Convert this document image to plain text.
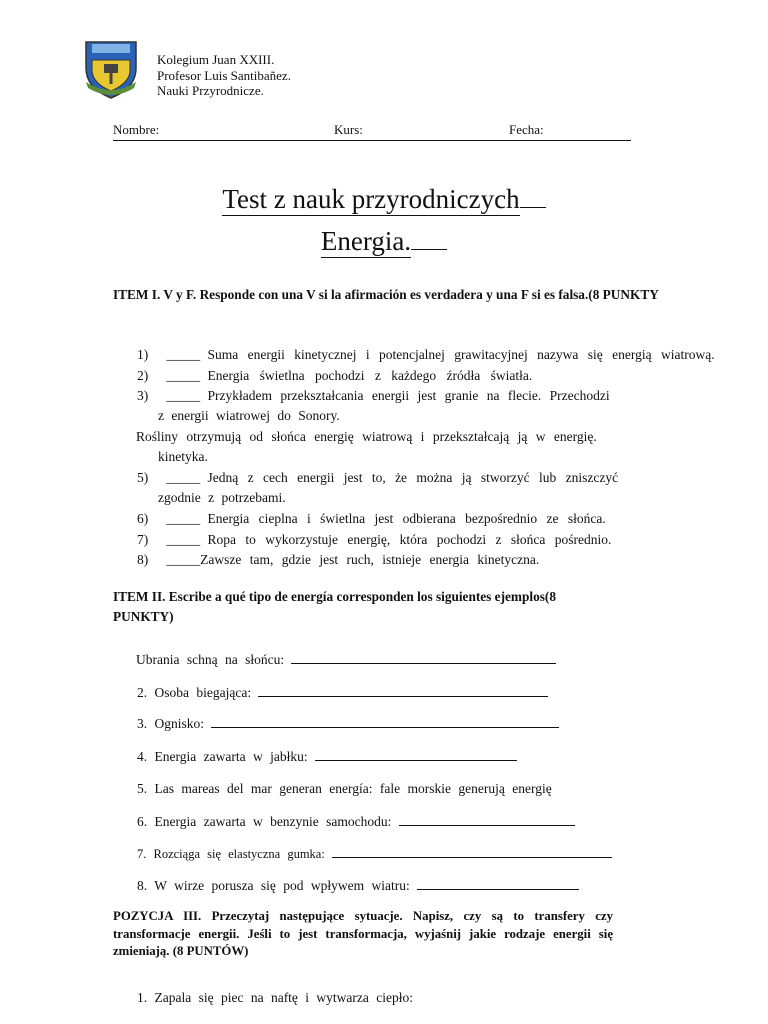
Kolegium Juan XXIII.
Profesor Luis Santibañez.
Nauki Przyrodnicze.
Nombre:	Kurs:	Fecha:
Test z nauk przyrodniczych
Energia.
ITEM I. V y F. Responde con una V si la afirmación es verdadera y una F si es falsa.(8 PUNKTY
1) _____ Suma energii kinetycznej i potencjalnej grawitacyjnej nazywa się energią wiatrową.
2) _____ Energia świetlna pochodzi z każdego źródła światła.
3) _____ Przykładem przekształcania energii jest granie na flecie. Przechodzi
z energii wiatrowej do Sonory.
Rośliny otrzymują od słońca energię wiatrową i przekształcają ją w energię.
kinetyka.
5) _____ Jedną z cech energii jest to, że można ją stworzyć lub zniszczyć
zgodnie z potrzebami.
6) _____ Energia cieplna i świetlna jest odbierana bezpośrednio ze słońca.
7) _____ Ropa to wykorzystuje energię, która pochodzi z słońca pośrednio.
8) _____Zawsze tam, gdzie jest ruch, istnieje energia kinetyczna.
ITEM II. Escribe a qué tipo de energía corresponden los siguientes ejemplos(8 PUNKTY)
Ubrania schną na słońcu:
2. Osoba biegająca:
3. Ognisko:
4. Energia zawarta w jabłku:
5. Las mareas del mar generan energía: fale morskie generują energię
6. Energia zawarta w benzynie samochodu:
7. Rozciąga się elastyczna gumka:
8. W wirze porusza się pod wpływem wiatru:
POZYCJA III. Przeczytaj następujące sytuacje. Napisz, czy są to transfery czy transformacje energii. Jeśli to jest transformacja, wyjaśnij jakie rodzaje energii się zmieniają. (8 PUNTÓW)
1. Zapala się piec na naftę i wytwarza ciepło:
